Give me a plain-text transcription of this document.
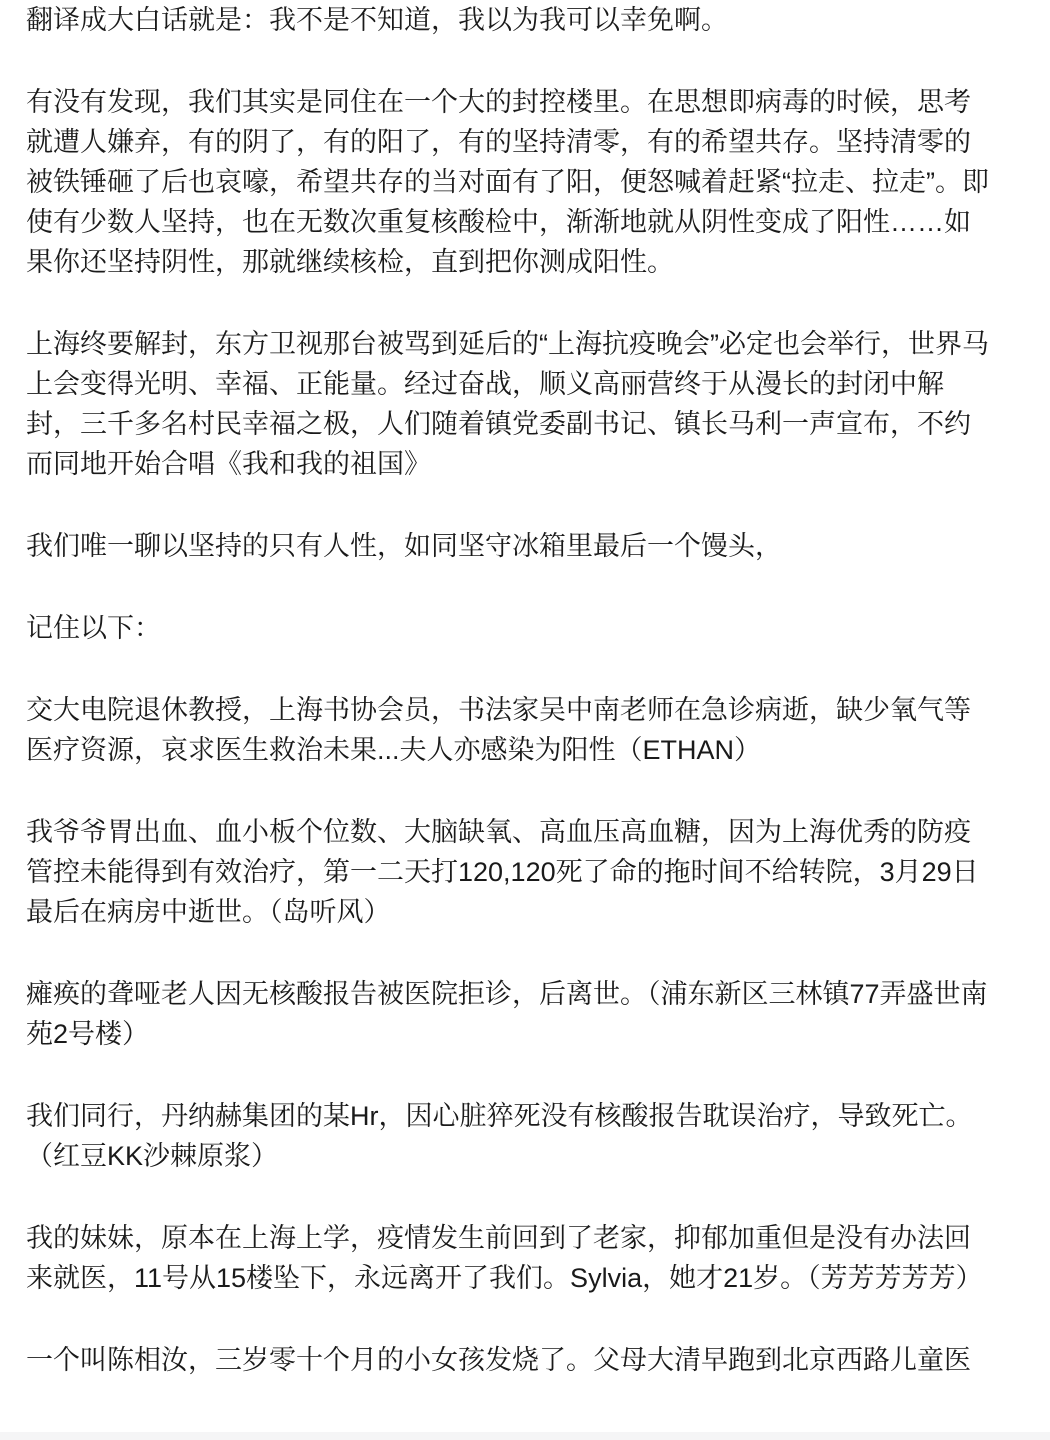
翻译成大白话就是：我不是不知道，我以为我可以幸免啊。

有没有发现，我们其实是同住在一个大的封控楼里。在思想即病毒的时候，思考就遭人嫌弃，有的阴了，有的阳了，有的坚持清零，有的希望共存。坚持清零的被铁锤砸了后也哀嚎，希望共存的当对面有了阳，便怒喊着赶紧“拉走、拉走”。即使有少数人坚持，也在无数次重复核酸检中，渐渐地就从阴性变成了阳性……如果你还坚持阴性，那就继续核检，直到把你测成阳性。

上海终要解封，东方卫视那台被骂到延后的“上海抗疫晚会”必定也会举行，世界马上会变得光明、幸福、正能量。经过奋战，顺义高丽营终于从漫长的封闭中解封，三千多名村民幸福之极，人们随着镇党委副书记、镇长马利一声宣布，不约而同地开始合唱《我和我的祖国》

我们唯一聊以坚持的只有人性，如同坚守冰箱里最后一个馒头，

记住以下：

交大电院退休教授，上海书协会员，书法家吴中南老师在急诊病逝，缺少氧气等医疗资源，哀求医生救治未果...夫人亦感染为阳性（ETHAN）

我爷爷胃出血、血小板个位数、大脑缺氧、高血压高血糖，因为上海优秀的防疫管控未能得到有效治疗，第一二天打120,120死了命的拖时间不给转院，3月29日最后在病房中逝世。（岛听风）

瘫痪的聋哑老人因无核酸报告被医院拒诊，后离世。（浦东新区三林镇77弄盛世南苑2号楼）

我们同行，丹纳赫集团的某Hr，因心脏猝死没有核酸报告耽误治疗，导致死亡。（红豆KK沙棘原浆）

我的妹妹，原本在上海上学，疫情发生前回到了老家，抑郁加重但是没有办法回来就医，11号从15楼坠下，永远离开了我们。Sylvia，她才21岁。（芳芳芳芳芳）

一个叫陈相汝，三岁零十个月的小女孩发烧了。父母大清早跑到北京西路儿童医
